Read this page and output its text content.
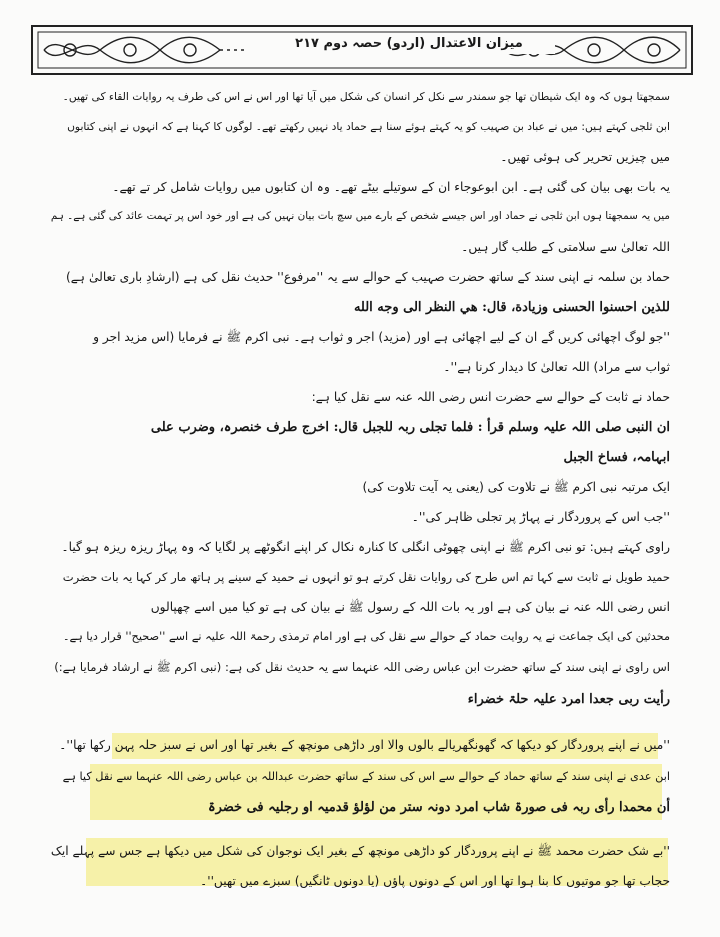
میزان الاعتدال (اردو) حصہ دوم ۲۱۷
سمجھتا ہوں کہ وہ ایک شیطان تھا جو سمندر سے نکل کر انسان کی شکل میں آیا تھا اور اس نے اس کی طرف یہ روایات القاء کی تھیں۔
ابن ثلجی کہتے ہیں: میں نے عباد بن صہیب کو یہ کہتے ہوئے سنا ہے حماد یاد نہیں رکھتے تھے۔ لوگوں کا کہنا ہے کہ انہوں نے اپنی کتابوں
میں چیزیں تحریر کی ہوئی تھیں۔
یہ بات بھی بیان کی گئی ہے۔ ابن ابوعوجاء ان کے سوتیلے بیٹے تھے۔ وہ ان کتابوں میں روایات شامل کر تے تھے۔
میں یہ سمجھتا ہوں ابن ثلجی نے حماد اور اس جیسے شخص کے بارے میں سچ بات بیان نہیں کی ہے اور خود اس پر تہمت عائد کی گئی ہے۔ ہم
اللہ تعالیٰ سے سلامتی کے طلب گار ہیں۔
حماد بن سلمہ نے اپنی سند کے ساتھ حضرت صہیب کے حوالے سے یہ ''مرفوع'' حدیث نقل کی ہے (ارشادِ باری تعالیٰ ہے)
للذين احسنوا الحسنى وزيادة، قال: هي النظر الى وجه الله
''جو لوگ اچھائی کریں گے ان کے لیے اچھائی ہے اور (مزید) اجر و ثواب ہے۔ نبی اکرم ﷺ نے فرمایا (اس مزید اجر و
ثواب سے مراد) اللہ تعالیٰ کا دیدار کرنا ہے''۔
حماد نے ثابت کے حوالے سے حضرت انس رضی اللہ عنہ سے نقل کیا ہے:
ان النبی صلی اللہ علیہ وسلم قرأ : فلما تجلی ربہ للجبل قال: اخرج طرف خنصرہ، وضرب علی
ابہامہ، فساخ الجبل
ایک مرتبہ نبی اکرم ﷺ نے تلاوت کی (یعنی یہ آیت تلاوت کی)
''جب اس کے پروردگار نے پہاڑ پر تجلی ظاہر کی''۔
راوی کہتے ہیں: تو نبی اکرم ﷺ نے اپنی چھوٹی انگلی کا کنارہ نکال کر اپنے انگوٹھے پر لگایا کہ وہ پہاڑ ریزہ ریزہ ہو گیا۔
حمید طویل نے ثابت سے کہا تم اس طرح کی روایات نقل کرتے ہو تو انہوں نے حمید کے سینے پر ہاتھ مار کر کہا یہ بات حضرت
انس رضی اللہ عنہ نے بیان کی ہے اور یہ بات اللہ کے رسول ﷺ نے بیان کی ہے تو کیا میں اسے چھپالوں
محدثین کی ایک جماعت نے یہ روایت حماد کے حوالے سے نقل کی ہے اور امام ترمذی رحمۃ اللہ علیہ نے اسے ''صحیح'' قرار دیا ہے۔
اس راوی نے اپنی سند کے ساتھ حضرت ابن عباس رضی اللہ عنہما سے یہ حدیث نقل کی ہے: (نبی اکرم ﷺ نے ارشاد فرمایا ہے:)
رأیت ربی جعدا امرد علیہ حلۃ خضراء
''میں نے اپنے پروردگار کو دیکھا کہ گھونگھریالے بالوں والا اور داڑھی مونچھ کے بغیر تھا اور اس نے سبز حلہ پہن رکھا تھا''۔
ابن عدی نے اپنی سند کے ساتھ حماد کے حوالے سے اس کی سند کے ساتھ حضرت عبداللہ بن عباس رضی اللہ عنہما سے نقل کیا ہے
أن محمدا رأی ربہ فی صورۃ شاب امرد دونہ ستر من لؤلؤ قدمیہ او رجلیہ فی خضرۃ
''بے شک حضرت محمد ﷺ نے اپنے پروردگار کو داڑھی مونچھ کے بغیر ایک نوجوان کی شکل میں دیکھا ہے جس سے پہلے ایک
حجاب تھا جو موتیوں کا بنا ہوا تھا اور اس کے دونوں پاؤں (یا دونوں ٹانگیں) سبزے میں تھیں''۔
